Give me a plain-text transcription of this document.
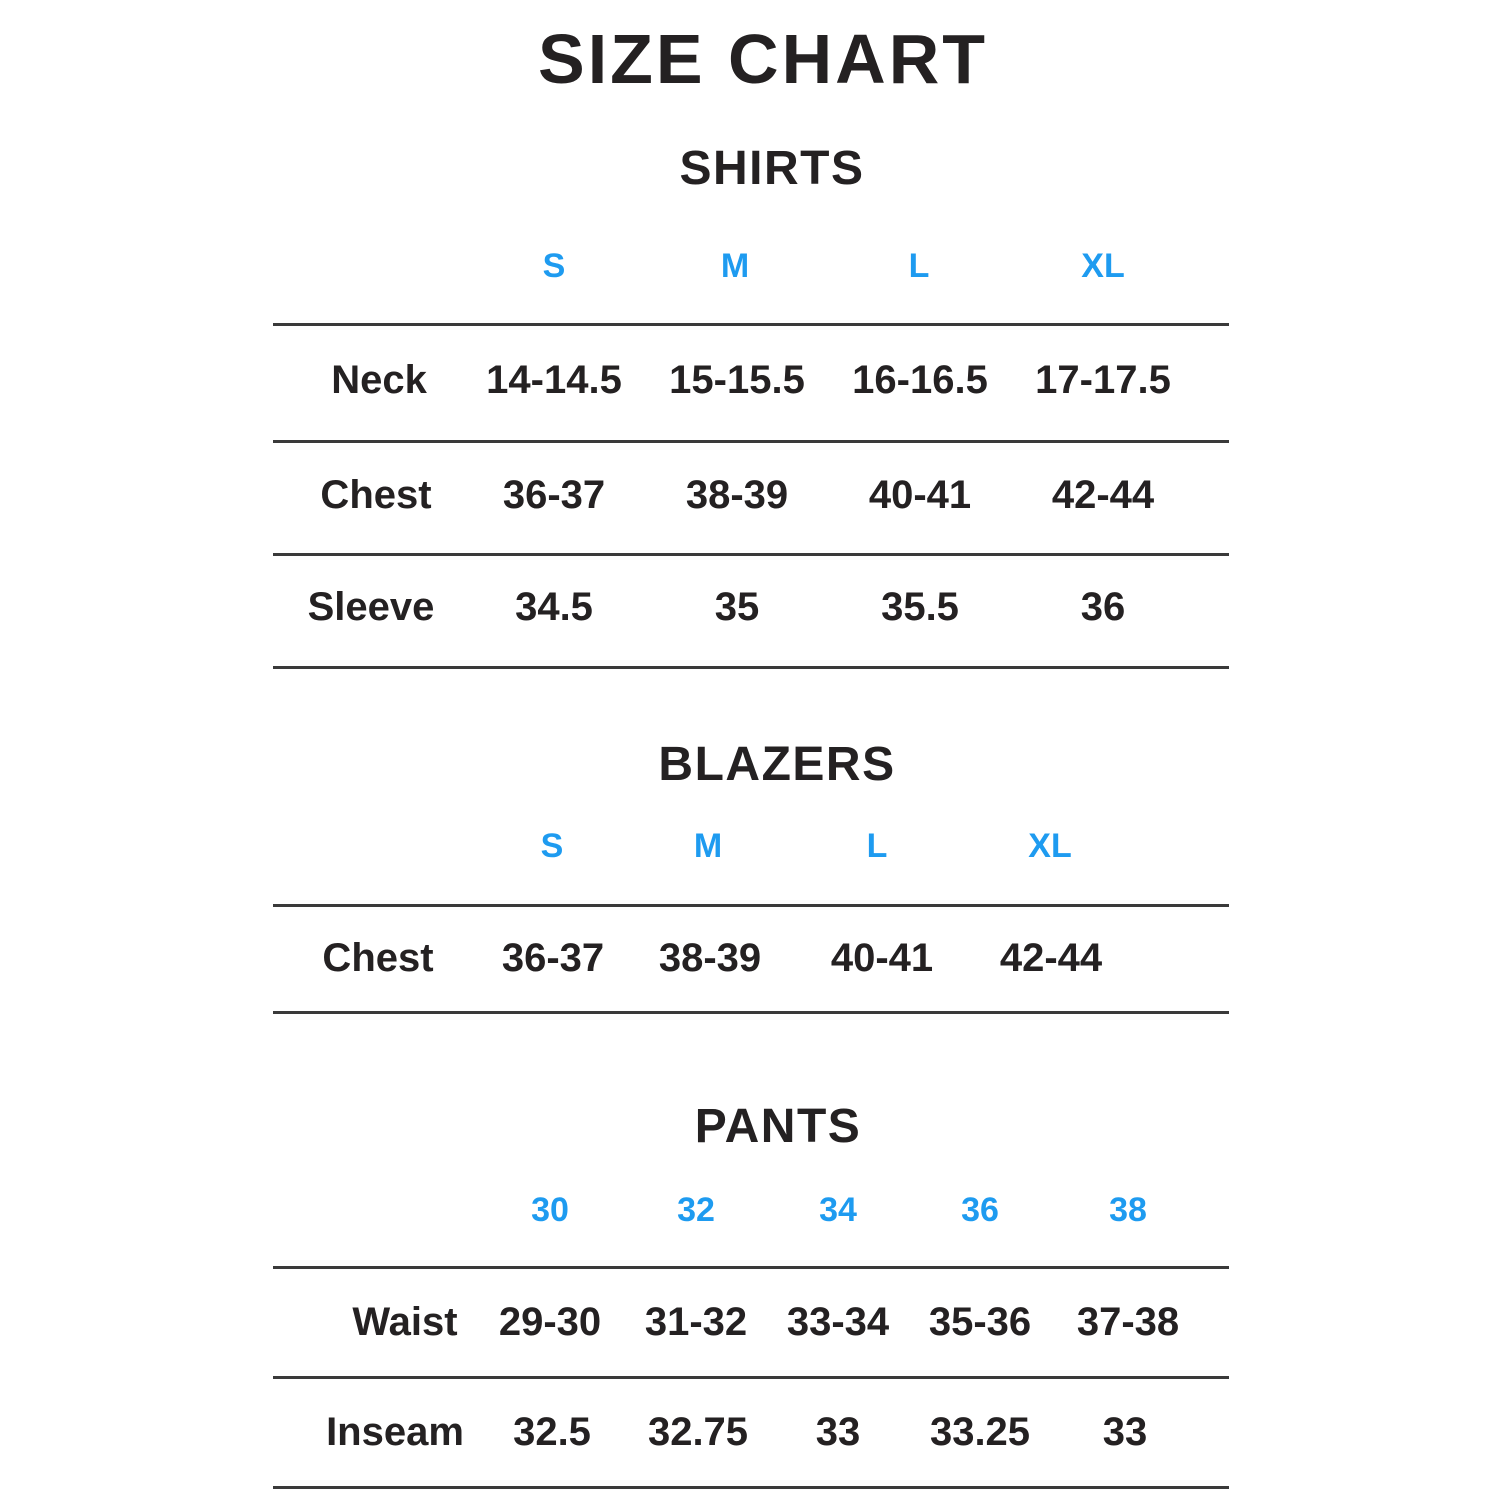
SIZE CHART
SHIRTS
S	M	L	XL
Neck 14-14.5 15-15.5 16-16.5 17-17.5
Chest 36-37 38-39 40-41 42-44
Sleeve 34.5	35	35.5	36
BLAZERS
S	M	L	XL
Chest 36-37 38-39 40-41 42-44
PANTS
30	32	34	36	38
Waist 29-30 31-32 33-34 35-36 37-38
Inseam 32.5 32.75 33 33.25 33
